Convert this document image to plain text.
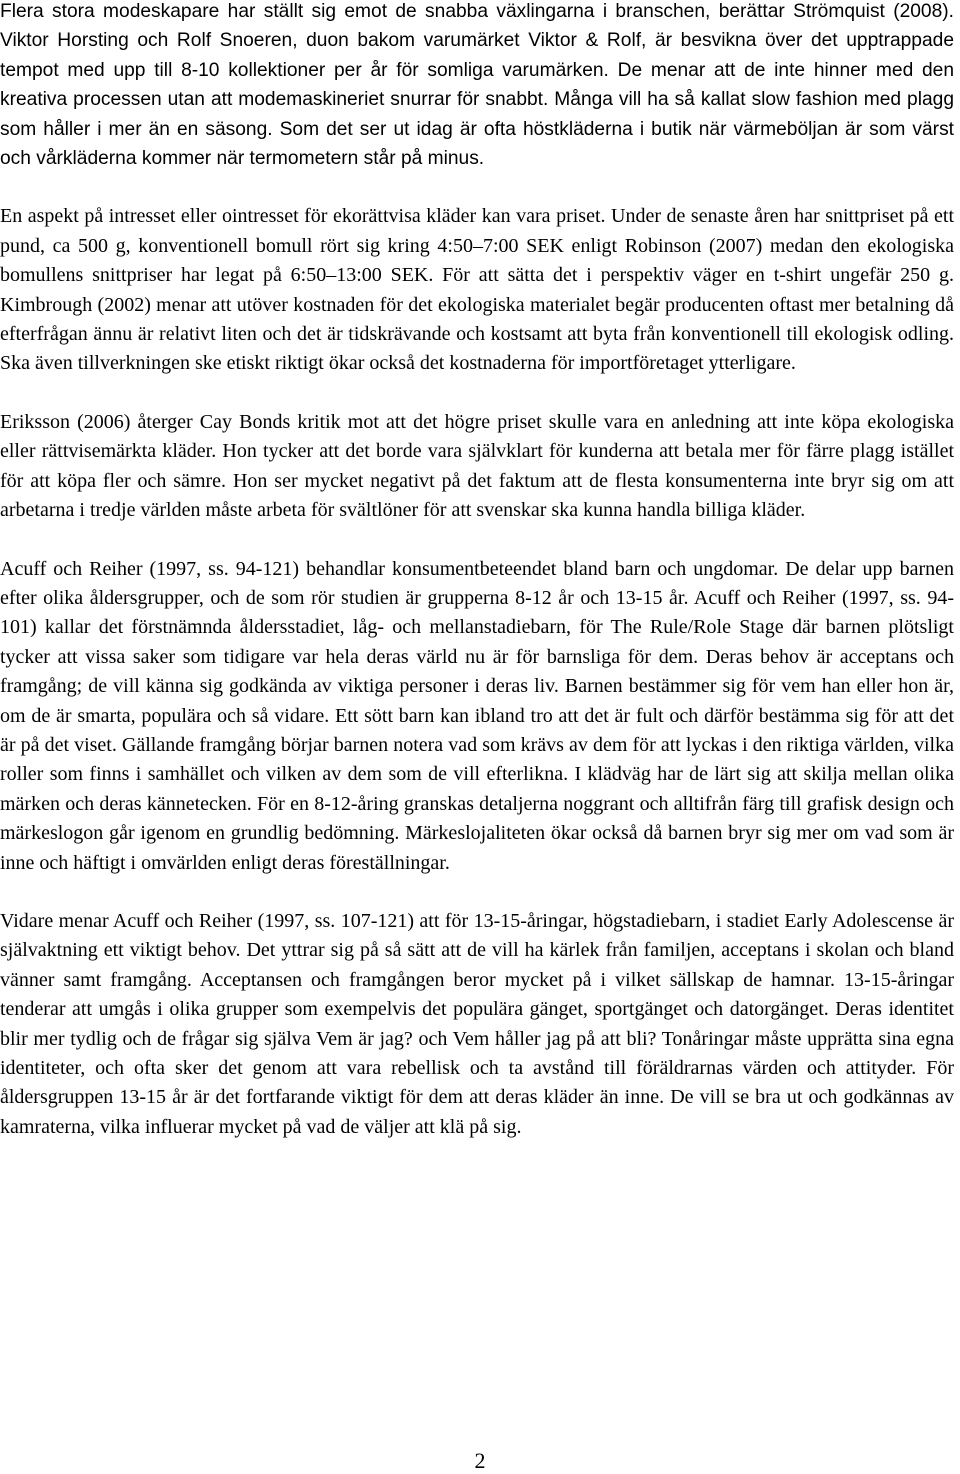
Flera stora modeskapare har ställt sig emot de snabba växlingarna i branschen, berättar Strömquist (2008). Viktor Horsting och Rolf Snoeren, duon bakom varumärket Viktor & Rolf, är besvikna över det upptrappade tempot med upp till 8-10 kollektioner per år för somliga varumärken. De menar att de inte hinner med den kreativa processen utan att modemaskineriet snurrar för snabbt. Många vill ha så kallat slow fashion med plagg som håller i mer än en säsong. Som det ser ut idag är ofta höstkläderna i butik när värmeböljan är som värst och vårkläderna kommer när termometern står på minus.

En aspekt på intresset eller ointresset för ekorättvisa kläder kan vara priset. Under de senaste åren har snittpriset på ett pund, ca 500 g, konventionell bomull rört sig kring 4:50–7:00 SEK enligt Robinson (2007) medan den ekologiska bomullens snittpriser har legat på 6:50–13:00 SEK. För att sätta det i perspektiv väger en t-shirt ungefär 250 g. Kimbrough (2002) menar att utöver kostnaden för det ekologiska materialet begär producenten oftast mer betalning då efterfrågan ännu är relativt liten och det är tidskrävande och kostsamt att byta från konventionell till ekologisk odling. Ska även tillverkningen ske etiskt riktigt ökar också det kostnaderna för importföretaget ytterligare.

Eriksson (2006) återger Cay Bonds kritik mot att det högre priset skulle vara en anledning att inte köpa ekologiska eller rättvisemärkta kläder. Hon tycker att det borde vara självklart för kunderna att betala mer för färre plagg istället för att köpa fler och sämre. Hon ser mycket negativt på det faktum att de flesta konsumenterna inte bryr sig om att arbetarna i tredje världen måste arbeta för svältlöner för att svenskar ska kunna handla billiga kläder.

Acuff och Reiher (1997, ss. 94-121) behandlar konsumentbeteendet bland barn och ungdomar. De delar upp barnen efter olika åldersgrupper, och de som rör studien är grupperna 8-12 år och 13-15 år. Acuff och Reiher (1997, ss. 94-101) kallar det förstnämnda åldersstadiet, låg- och mellanstadiebarn, för The Rule/Role Stage där barnen plötsligt tycker att vissa saker som tidigare var hela deras värld nu är för barnsliga för dem. Deras behov är acceptans och framgång; de vill känna sig godkända av viktiga personer i deras liv. Barnen bestämmer sig för vem han eller hon är, om de är smarta, populära och så vidare. Ett sött barn kan ibland tro att det är fult och därför bestämma sig för att det är på det viset. Gällande framgång börjar barnen notera vad som krävs av dem för att lyckas i den riktiga världen, vilka roller som finns i samhället och vilken av dem som de vill efterlikna. I klädväg har de lärt sig att skilja mellan olika märken och deras kännetecken. För en 8-12-åring granskas detaljerna noggrant och alltifrån färg till grafisk design och märkeslogon går igenom en grundlig bedömning. Märkeslojaliteten ökar också då barnen bryr sig mer om vad som är inne och häftigt i omvärlden enligt deras föreställningar.

Vidare menar Acuff och Reiher (1997, ss. 107-121) att för 13-15-åringar, högstadiebarn, i stadiet Early Adolescense är självaktning ett viktigt behov. Det yttrar sig på så sätt att de vill ha kärlek från familjen, acceptans i skolan och bland vänner samt framgång. Acceptansen och framgången beror mycket på i vilket sällskap de hamnar. 13-15-åringar tenderar att umgås i olika grupper som exempelvis det populära gänget, sportgänget och datorgänget. Deras identitet blir mer tydlig och de frågar sig själva Vem är jag? och Vem håller jag på att bli? Tonåringar måste upprätta sina egna identiteter, och ofta sker det genom att vara rebellisk och ta avstånd till föräldrarnas värden och attityder. För åldersgruppen 13-15 år är det fortfarande viktigt för dem att deras kläder än inne. De vill se bra ut och godkännas av kamraterna, vilka influerar mycket på vad de väljer att klä på sig.

2
